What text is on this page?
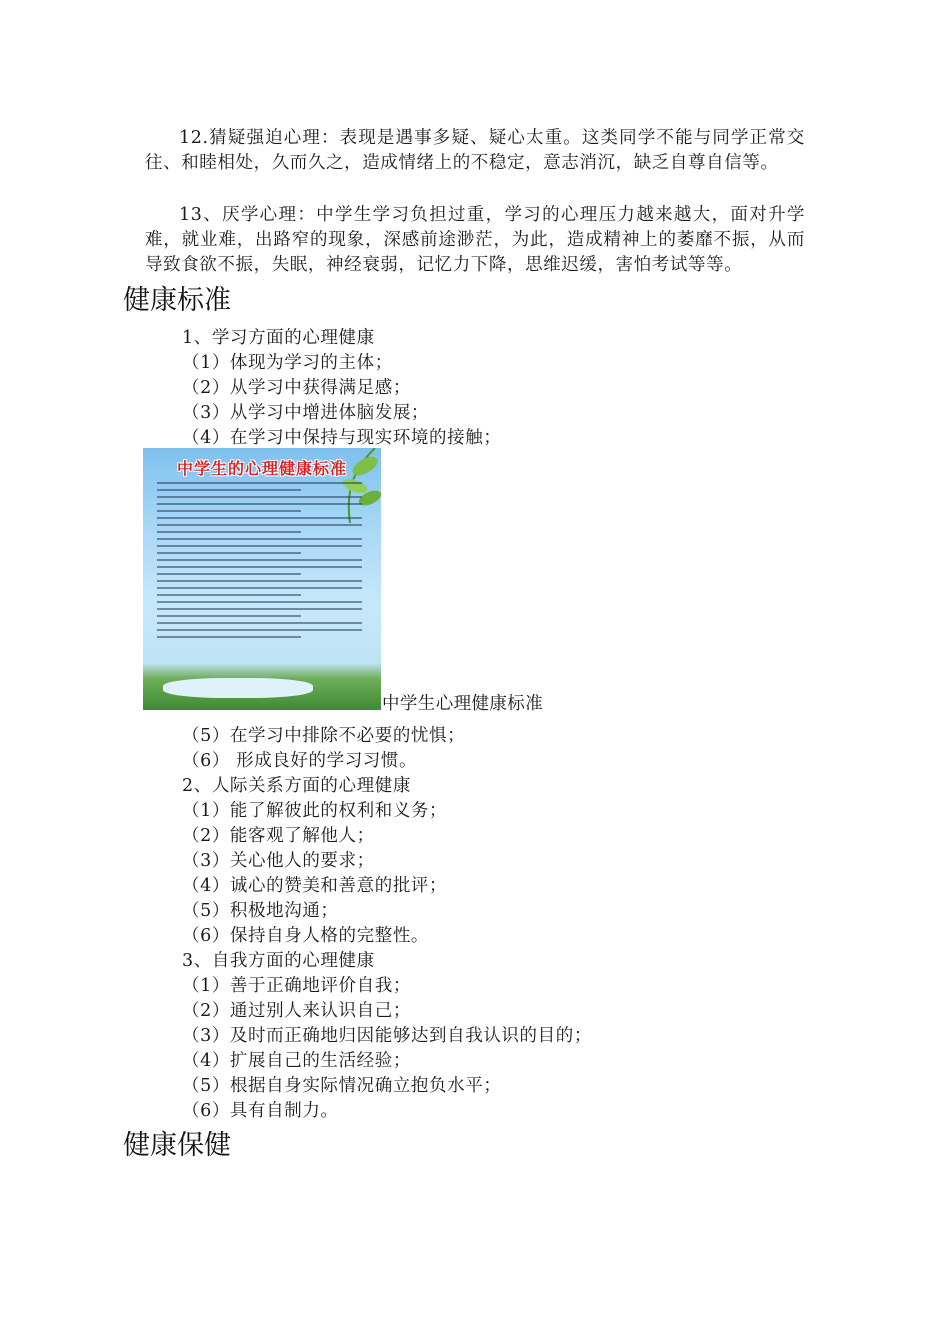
12.猜疑强迫心理：表现是遇事多疑、疑心太重。这类同学不能与同学正常交往、和睦相处，久而久之，造成情绪上的不稳定，意志消沉，缺乏自尊自信等。
13、厌学心理：中学生学习负担过重，学习的心理压力越来越大，面对升学难，就业难，出路窄的现象，深感前途渺茫，为此，造成精神上的萎靡不振，从而导致食欲不振，失眠，神经衰弱，记忆力下降，思维迟缓，害怕考试等等。
健康标准
1、学习方面的心理健康
（1）体现为学习的主体；
（2）从学习中获得满足感；
（3）从学习中增进体脑发展；
（4）在学习中保持与现实环境的接触；
中学生的心理健康标准
中学生心理健康标准
（5）在学习中排除不必要的忧惧；
（6） 形成良好的学习习惯。
2、人际关系方面的心理健康
（1）能了解彼此的权利和义务；
（2）能客观了解他人；
（3）关心他人的要求；
（4）诚心的赞美和善意的批评；
（5）积极地沟通；
（6）保持自身人格的完整性。
3、自我方面的心理健康
（1）善于正确地评价自我；
（2）通过别人来认识自己；
（3）及时而正确地归因能够达到自我认识的目的；
（4）扩展自己的生活经验；
（5）根据自身实际情况确立抱负水平；
（6）具有自制力。
健康保健
